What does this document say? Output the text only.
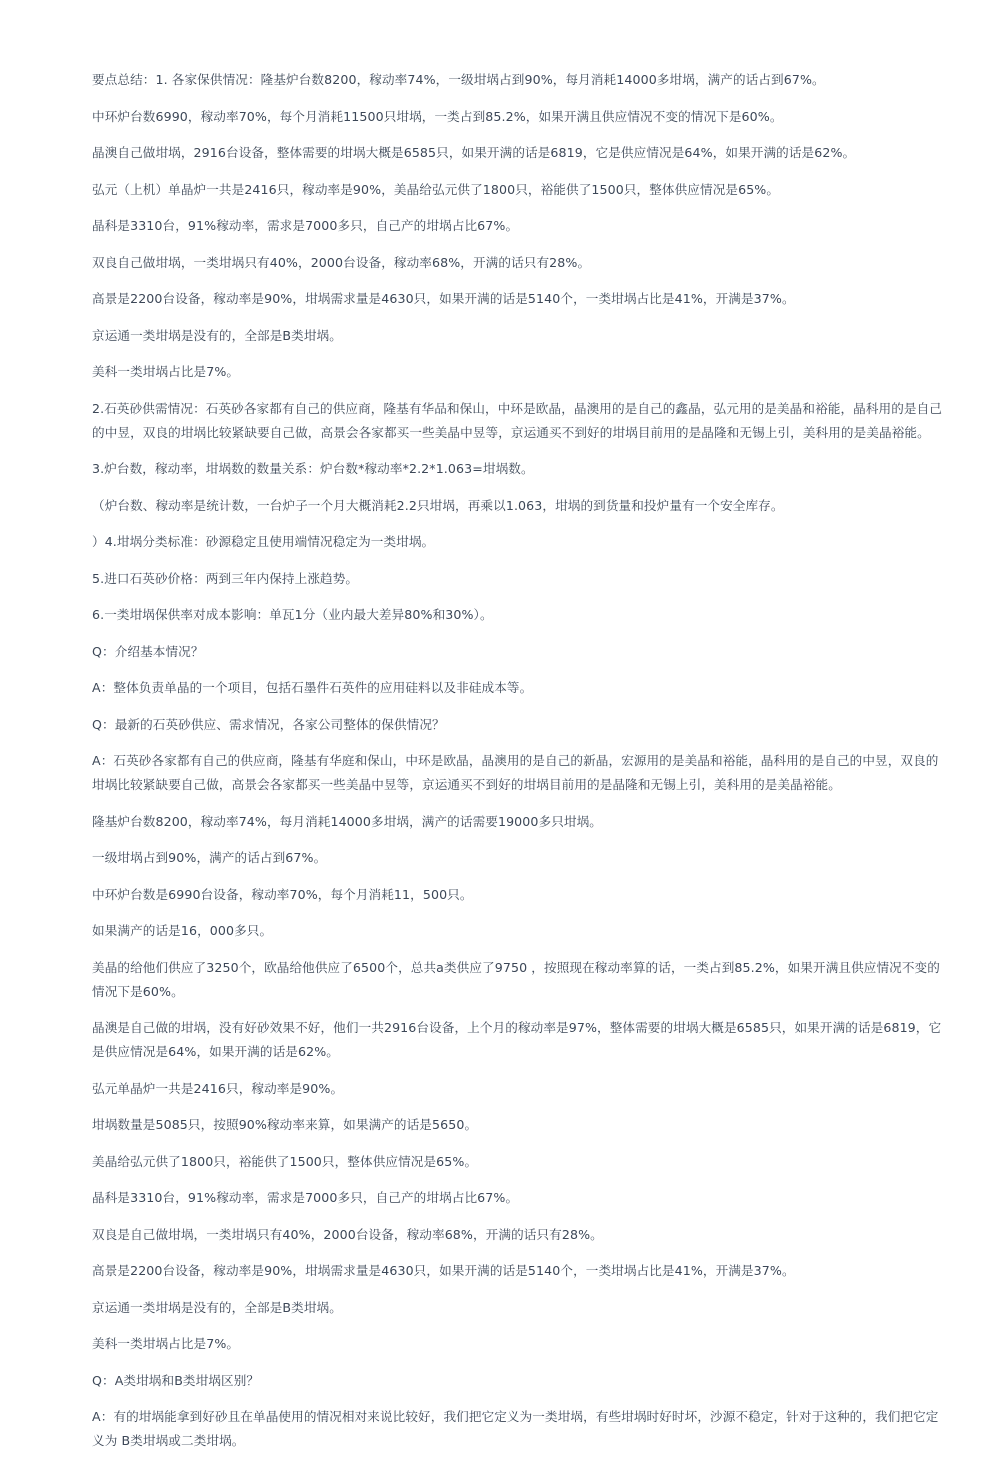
要点总结：1. 各家保供情况：隆基炉台数8200，稼动率74%，一级坩埚占到90%，每月消耗14000多坩埚，满产的话占到67%。

中环炉台数6990，稼动率70%，每个月消耗11500只坩埚，一类占到85.2%，如果开满且供应情况不变的情况下是60%。

晶澳自己做坩埚，2916台设备，整体需要的坩埚大概是6585只，如果开满的话是6819，它是供应情况是64%，如果开满的话是62%。

弘元（上机）单晶炉一共是2416只，稼动率是90%，美晶给弘元供了1800只，裕能供了1500只，整体供应情况是65%。

晶科是3310台，91%稼动率，需求是7000多只，自己产的坩埚占比67%。

双良自己做坩埚，一类坩埚只有40%，2000台设备，稼动率68%，开满的话只有28%。

高景是2200台设备，稼动率是90%，坩埚需求量是4630只，如果开满的话是5140个，一类坩埚占比是41%，开满是37%。

京运通一类坩埚是没有的，全部是B类坩埚。

美科一类坩埚占比是7%。

2.石英砂供需情况：石英砂各家都有自己的供应商，隆基有华品和保山，中环是欧晶，晶澳用的是自己的鑫晶，弘元用的是美晶和裕能，晶科用的是自己的中昱，双良的坩埚比较紧缺要自己做，高景会各家都买一些美晶中昱等，京运通买不到好的坩埚目前用的是晶隆和无锡上引，美科用的是美晶裕能。

3.炉台数，稼动率，坩埚数的数量关系：炉台数*稼动率*2.2*1.063=坩埚数。

（炉台数、稼动率是统计数，一台炉子一个月大概消耗2.2只坩埚，再乘以1.063，坩埚的到货量和投炉量有一个安全库存。

）4.坩埚分类标准：砂源稳定且使用端情况稳定为一类坩埚。

5.进口石英砂价格：两到三年内保持上涨趋势。

6.一类坩埚保供率对成本影响：单瓦1分（业内最大差异80%和30%）。

Q：介绍基本情况？

A：整体负责单晶的一个项目，包括石墨件石英件的应用硅料以及非硅成本等。

Q：最新的石英砂供应、需求情况，各家公司整体的保供情况？

A：石英砂各家都有自己的供应商，隆基有华庭和保山，中环是欧晶，晶澳用的是自己的新晶，宏源用的是美晶和裕能，晶科用的是自己的中昱，双良的坩埚比较紧缺要自己做，高景会各家都买一些美晶中昱等，京运通买不到好的坩埚目前用的是晶隆和无锡上引，美科用的是美晶裕能。

隆基炉台数8200，稼动率74%，每月消耗14000多坩埚，满产的话需要19000多只坩埚。

一级坩埚占到90%，满产的话占到67%。

中环炉台数是6990台设备，稼动率70%，每个月消耗11，500只。

如果满产的话是16，000多只。

美晶的给他们供应了3250个，欧晶给他供应了6500个，总共a类供应了9750 ，按照现在稼动率算的话，一类占到85.2%，如果开满且供应情况不变的情况下是60%。

晶澳是自己做的坩埚，没有好砂效果不好，他们一共2916台设备，上个月的稼动率是97%，整体需要的坩埚大概是6585只，如果开满的话是6819，它是供应情况是64%，如果开满的话是62%。

弘元单晶炉一共是2416只，稼动率是90%。

坩埚数量是5085只，按照90%稼动率来算，如果满产的话是5650。

美晶给弘元供了1800只，裕能供了1500只，整体供应情况是65%。

晶科是3310台，91%稼动率，需求是7000多只，自己产的坩埚占比67%。

双良是自己做坩埚，一类坩埚只有40%，2000台设备，稼动率68%，开满的话只有28%。

高景是2200台设备，稼动率是90%，坩埚需求量是4630只，如果开满的话是5140个，一类坩埚占比是41%，开满是37%。

京运通一类坩埚是没有的，全部是B类坩埚。

美科一类坩埚占比是7%。

Q：A类坩埚和B类坩埚区别？

A：有的坩埚能拿到好砂且在单晶使用的情况相对来说比较好，我们把它定义为一类坩埚，有些坩埚时好时坏，沙源不稳定，针对于这种的，我们把它定义为 B类坩埚或二类坩埚。
